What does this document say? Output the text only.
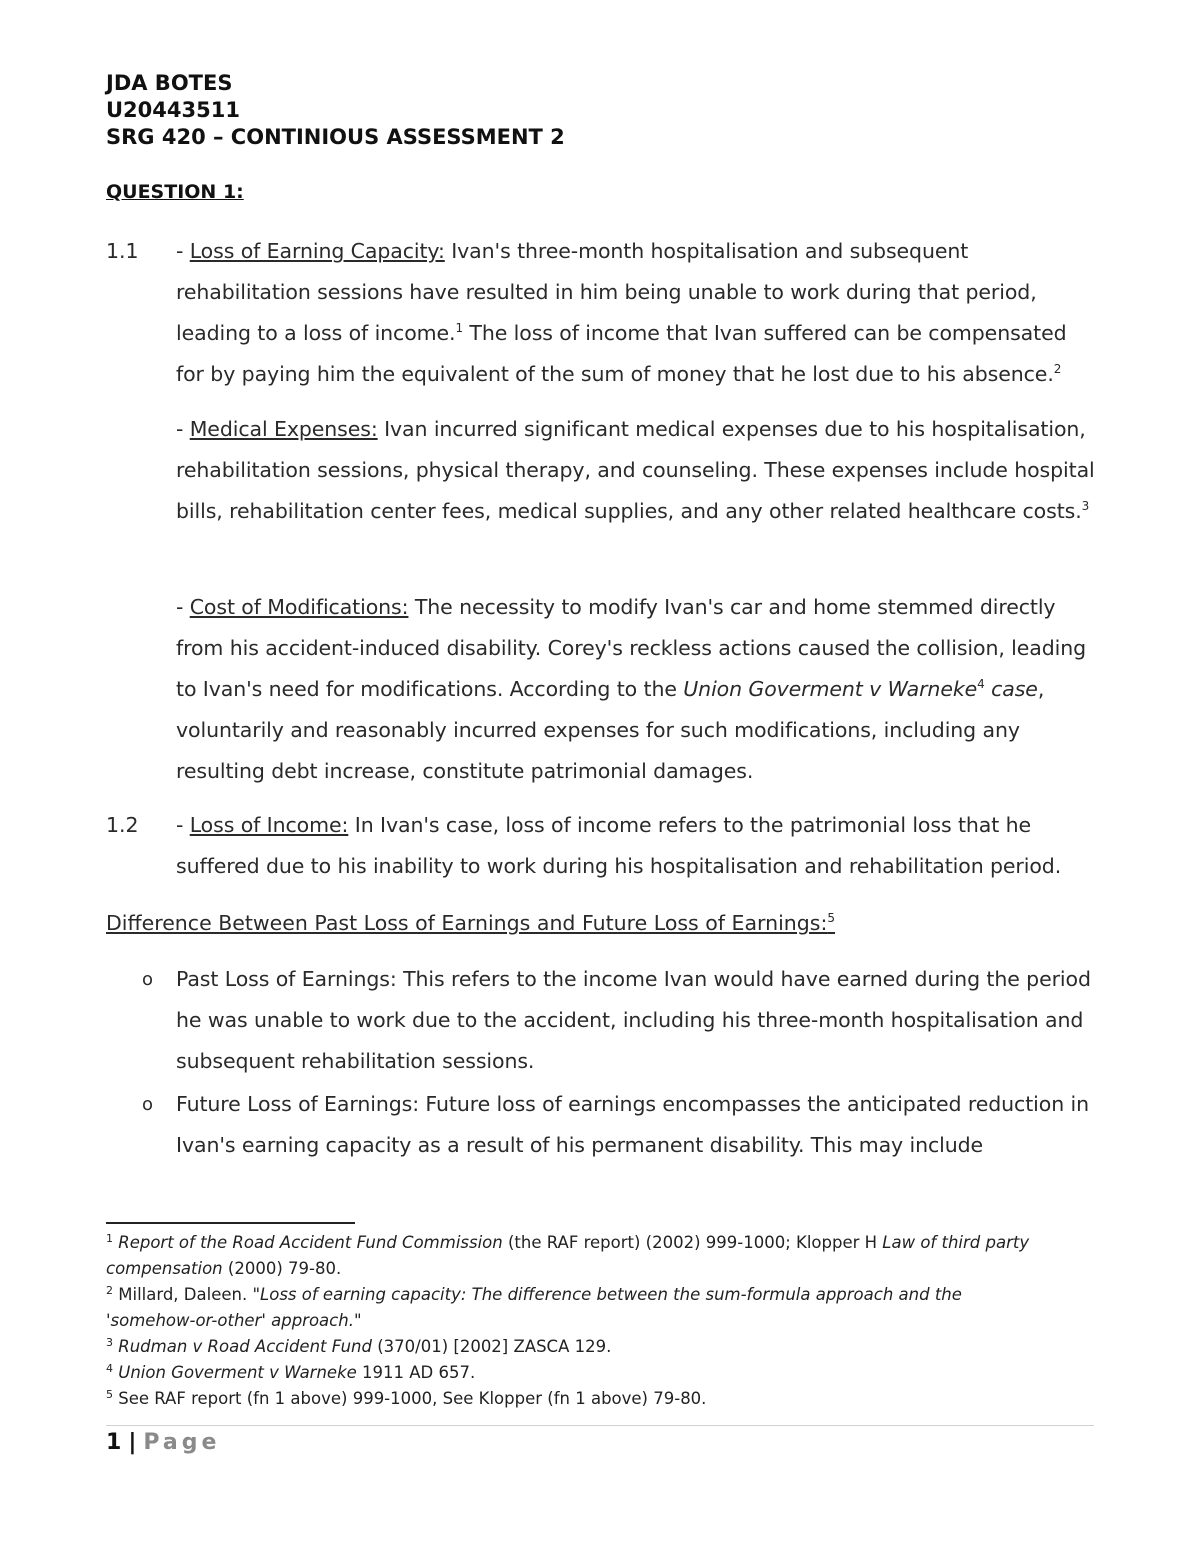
JDA BOTES
U20443511
SRG 420 – CONTINIOUS ASSESSMENT 2
QUESTION 1:
1.1 - Loss of Earning Capacity: Ivan's three-month hospitalisation and subsequent rehabilitation sessions have resulted in him being unable to work during that period, leading to a loss of income.$^1$ The loss of income that Ivan suffered can be compensated for by paying him the equivalent of the sum of money that he lost due to his absence.$^2$
- Medical Expenses: Ivan incurred significant medical expenses due to his hospitalisation, rehabilitation sessions, physical therapy, and counseling. These expenses include hospital bills, rehabilitation center fees, medical supplies, and any other related healthcare costs.$^3$
- Cost of Modifications: The necessity to modify Ivan's car and home stemmed directly from his accident-induced disability. Corey's reckless actions caused the collision, leading to Ivan's need for modifications. According to the Union Goverment v Warneke$^4$ case, voluntarily and reasonably incurred expenses for such modifications, including any resulting debt increase, constitute patrimonial damages.
1.2 - Loss of Income: In Ivan's case, loss of income refers to the patrimonial loss that he suffered due to his inability to work during his hospitalisation and rehabilitation period.
Difference Between Past Loss of Earnings and Future Loss of Earnings:$^5$
o Past Loss of Earnings: This refers to the income Ivan would have earned during the period he was unable to work due to the accident, including his three-month hospitalisation and subsequent rehabilitation sessions.
o Future Loss of Earnings: Future loss of earnings encompasses the anticipated reduction in Ivan's earning capacity as a result of his permanent disability. This may include

$^1$ Report of the Road Accident Fund Commission (the RAF report) (2002) 999-1000; Klopper H Law of third party compensation (2000) 79-80.

$^2$ Millard, Daleen. "Loss of earning capacity: The difference between the sum-formula approach and the 'somehow-or-other' approach."

$^3$ Rudman v Road Accident Fund (370/01) [2002] ZASCA 129.

$^4$ Union Goverment v Warneke 1911 AD 657.

$^5$ See RAF report (fn 1 above) 999-1000, See Klopper (fn 1 above) 79-80.

1 | Page
